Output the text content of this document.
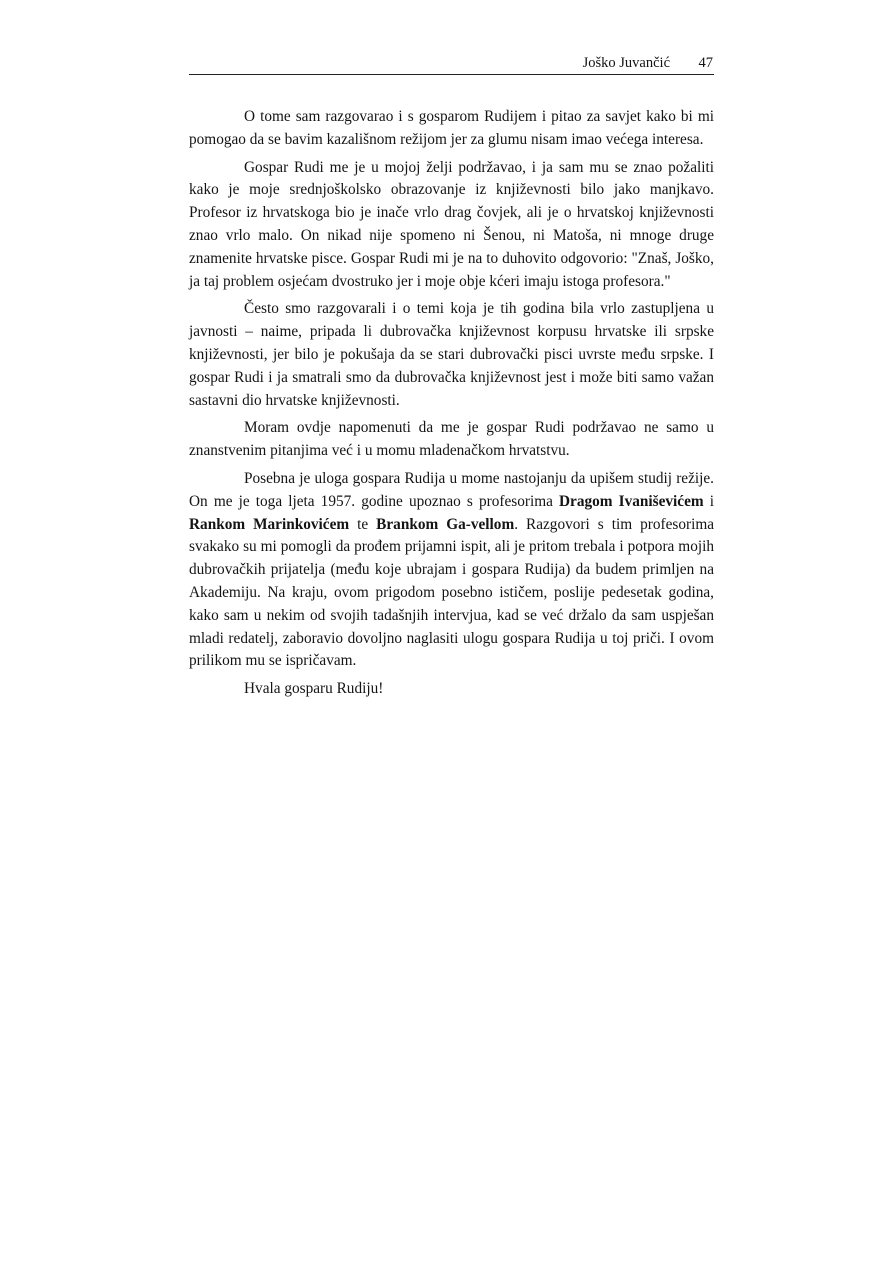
Joško Juvančić 47

O tome sam razgovarao i s gosparom Rudijem i pitao za savjet kako bi mi pomogao da se bavim kazališnom režijom jer za glumu nisam imao većega interesa.

Gospar Rudi me je u mojoj želji podržavao, i ja sam mu se znao požaliti kako je moje srednjoškolsko obrazovanje iz književnosti bilo jako manjkavo. Profesor iz hrvatskoga bio je inače vrlo drag čovjek, ali je o hrvatskoj književnosti znao vrlo malo. On nikad nije spomeno ni Šenou, ni Matoša, ni mnoge druge znamenite hrvatske pisce. Gospar Rudi mi je na to duhovito odgovorio: "Znaš, Joško, ja taj problem osjećam dvostruko jer i moje obje kćeri imaju istoga profesora."

Često smo razgovarali i o temi koja je tih godina bila vrlo zastupljena u javnosti – naime, pripada li dubrovačka književnost korpusu hrvatske ili srpske književnosti, jer bilo je pokušaja da se stari dubrovački pisci uvrste među srpske. I gospar Rudi i ja smatrali smo da dubrovačka književnost jest i može biti samo važan sastavni dio hrvatske književnosti.

Moram ovdje napomenuti da me je gospar Rudi podržavao ne samo u znanstvenim pitanjima već i u momu mladenačkom hrvatstvu.

Posebna je uloga gospara Rudija u mome nastojanju da upišem studij režije. On me je toga ljeta 1957. godine upoznao s profesorima Dragom Ivaniševićem i Rankom Marinkovićem te Brankom Ga-vellom. Razgovori s tim profesorima svakako su mi pomogli da prođem prijamni ispit, ali je pritom trebala i potpora mojih dubrovačkih prijatelja (među koje ubrajam i gospara Rudija) da budem primljen na Akademiju. Na kraju, ovom prigodom posebno ističem, poslije pedesetak godina, kako sam u nekim od svojih tadašnjih intervjua, kad se već držalo da sam uspješan mladi redatelj, zaboravio dovoljno naglasiti ulogu gospara Rudija u toj priči. I ovom prilikom mu se ispričavam.

Hvala gosparu Rudiju!
